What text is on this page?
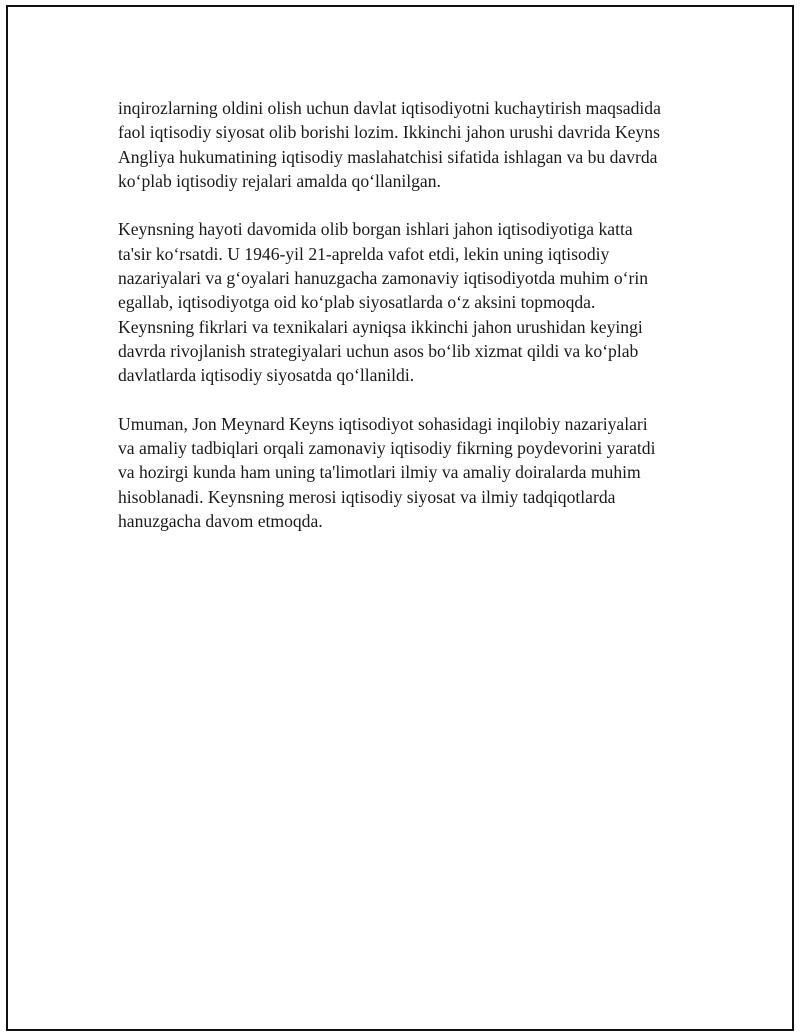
inqirozlarning oldini olish uchun davlat iqtisodiyotni kuchaytirish maqsadida
faol iqtisodiy siyosat olib borishi lozim. Ikkinchi jahon urushi davrida Keyns
Angliya hukumatining iqtisodiy maslahatchisi sifatida ishlagan va bu davrda
ko‘plab iqtisodiy rejalari amalda qo‘llanilgan.

Keynsning hayoti davomida olib borgan ishlari jahon iqtisodiyotiga katta
ta'sir ko‘rsatdi. U 1946-yil 21-aprelda vafot etdi, lekin uning iqtisodiy
nazariyalari va g‘oyalari hanuzgacha zamonaviy iqtisodiyotda muhim o‘rin
egallab, iqtisodiyotga oid ko‘plab siyosatlarda o‘z aksini topmoqda.
Keynsning fikrlari va texnikalari ayniqsa ikkinchi jahon urushidan keyingi
davrda rivojlanish strategiyalari uchun asos bo‘lib xizmat qildi va ko‘plab
davlatlarda iqtisodiy siyosatda qo‘llanildi.

Umuman, Jon Meynard Keyns iqtisodiyot sohasidagi inqilobiy nazariyalari
va amaliy tadbiqlari orqali zamonaviy iqtisodiy fikrning poydevorini yaratdi
va hozirgi kunda ham uning ta'limotlari ilmiy va amaliy doiralarda muhim
hisoblanadi. Keynsning merosi iqtisodiy siyosat va ilmiy tadqiqotlarda
hanuzgacha davom etmoqda.
